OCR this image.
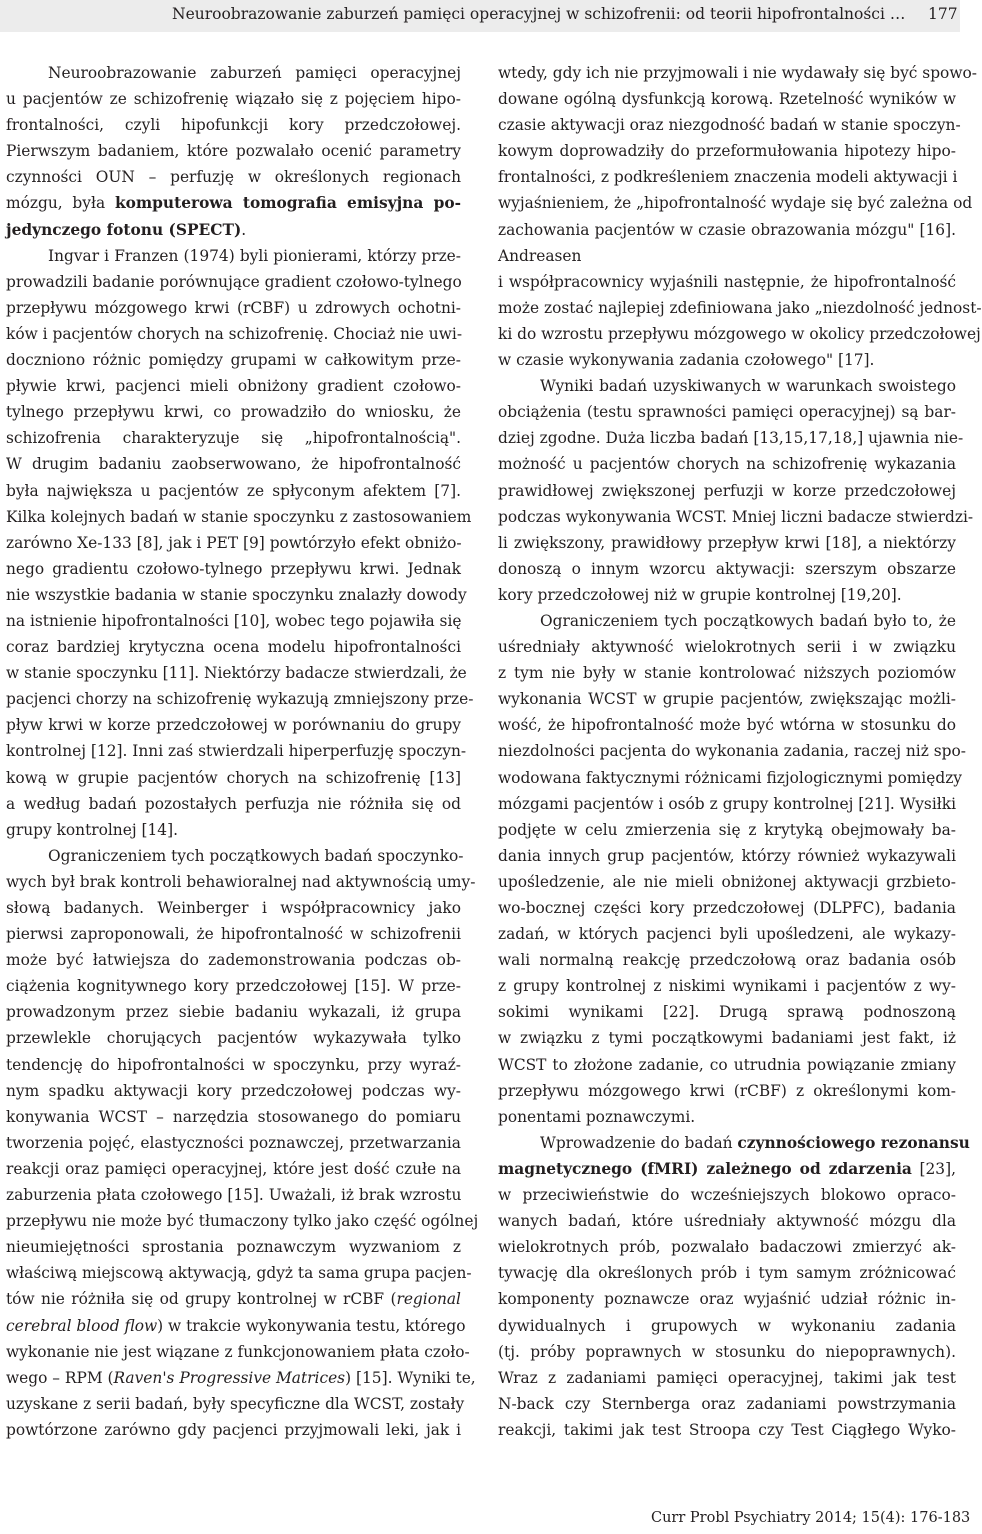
Neuroobrazowanie zaburzeń pamięci operacyjnej w schizofrenii: od teorii hipofrontalności … 177
Neuroobrazowanie zaburzeń pamięci operacyjnej
u pacjentów ze schizofrenię wiązało się z pojęciem hipo-
frontalności, czyli hipofunkcji kory przedczołowej.
Pierwszym badaniem, które pozwalało ocenić parametry
czynności OUN – perfuzję w określonych regionach
mózgu, była komputerowa tomografia emisyjna po-
jedynczego fotonu (SPECT).
Ingvar i Franzen (1974) byli pionierami, którzy prze-
prowadzili badanie porównujące gradient czołowo-tylnego
przepływu mózgowego krwi (rCBF) u zdrowych ochotni-
ków i pacjentów chorych na schizofrenię. Chociaż nie uwi-
doczniono różnic pomiędzy grupami w całkowitym prze-
pływie krwi, pacjenci mieli obniżony gradient czołowo-
tylnego przepływu krwi, co prowadziło do wniosku, że
schizofrenia charakteryzuje się „hipofrontalnością".
W drugim badaniu zaobserwowano, że hipofrontalność
była największa u pacjentów ze spłyconym afektem [7].
Kilka kolejnych badań w stanie spoczynku z zastosowaniem
zarówno Xe-133 [8], jak i PET [9] powtórzyło efekt obniżo-
nego gradientu czołowo-tylnego przepływu krwi. Jednak
nie wszystkie badania w stanie spoczynku znalazły dowody
na istnienie hipofrontalności [10], wobec tego pojawiła się
coraz bardziej krytyczna ocena modelu hipofrontalności
w stanie spoczynku [11]. Niektórzy badacze stwierdzali, że
pacjenci chorzy na schizofrenię wykazują zmniejszony prze-
pływ krwi w korze przedczołowej w porównaniu do grupy
kontrolnej [12]. Inni zaś stwierdzali hiperperfuzję spoczyn-
kową w grupie pacjentów chorych na schizofrenię [13]
a według badań pozostałych perfuzja nie różniła się od
grupy kontrolnej [14].
Ograniczeniem tych początkowych badań spoczynko-
wych był brak kontroli behawioralnej nad aktywnością umy-
słową badanych. Weinberger i współpracownicy jako
pierwsi zaproponowali, że hipofrontalność w schizofrenii
może być łatwiejsza do zademonstrowania podczas ob-
ciążenia kognitywnego kory przedczołowej [15]. W prze-
prowadzonym przez siebie badaniu wykazali, iż grupa
przewlekle chorujących pacjentów wykazywała tylko
tendencję do hipofrontalności w spoczynku, przy wyraź-
nym spadku aktywacji kory przedczołowej podczas wy-
konywania WCST – narzędzia stosowanego do pomiaru
tworzenia pojęć, elastyczności poznawczej, przetwarzania
reakcji oraz pamięci operacyjnej, które jest dość czułe na
zaburzenia płata czołowego [15]. Uważali, iż brak wzrostu
przepływu nie może być tłumaczony tylko jako część ogólnej
nieumiejętności sprostania poznawczym wyzwaniom z
właściwą miejscową aktywacją, gdyż ta sama grupa pacjen-
tów nie różniła się od grupy kontrolnej w rCBF (regional
cerebral blood flow) w trakcie wykonywania testu, którego
wykonanie nie jest wiązane z funkcjonowaniem płata czoło-
wego – RPM (Raven's Progressive Matrices) [15]. Wyniki te,
uzyskane z serii badań, były specyficzne dla WCST, zostały
powtórzone zarówno gdy pacjenci przyjmowali leki, jak i
wtedy, gdy ich nie przyjmowali i nie wydawały się być spowo-
dowane ogólną dysfunkcją korową. Rzetelność wyników w
czasie aktywacji oraz niezgodność badań w stanie spoczyn-
kowym doprowadziły do przeformułowania hipotezy hipo-
frontalności, z podkreśleniem znaczenia modeli aktywacji i
wyjaśnieniem, że „hipofrontalność wydaje się być zależna od
zachowania pacjentów w czasie obrazowania mózgu" [16].
Andreasen
i współpracownicy wyjaśnili następnie, że hipofrontalność
może zostać najlepiej zdefiniowana jako „niezdolność jednost-
ki do wzrostu przepływu mózgowego w okolicy przedczołowej
w czasie wykonywania zadania czołowego" [17].
Wyniki badań uzyskiwanych w warunkach swoistego
obciążenia (testu sprawności pamięci operacyjnej) są bar-
dziej zgodne. Duża liczba badań [13,15,17,18,] ujawnia nie-
możność u pacjentów chorych na schizofrenię wykazania
prawidłowej zwiększonej perfuzji w korze przedczołowej
podczas wykonywania WCST. Mniej liczni badacze stwierdzi-
li zwiększony, prawidłowy przepływ krwi [18], a niektórzy
donoszą o innym wzorcu aktywacji: szerszym obszarze
kory przedczołowej niż w grupie kontrolnej [19,20].
Ograniczeniem tych początkowych badań było to, że
uśredniały aktywność wielokrotnych serii i w związku
z tym nie były w stanie kontrolować niższych poziomów
wykonania WCST w grupie pacjentów, zwiększając możli-
wość, że hipofrontalność może być wtórna w stosunku do
niezdolności pacjenta do wykonania zadania, raczej niż spo-
wodowana faktycznymi różnicami fizjologicznymi pomiędzy
mózgami pacjentów i osób z grupy kontrolnej [21]. Wysiłki
podjęte w celu zmierzenia się z krytyką obejmowały ba-
dania innych grup pacjentów, którzy również wykazywali
upośledzenie, ale nie mieli obniżonej aktywacji grzbieto-
wo-bocznej części kory przedczołowej (DLPFC), badania
zadań, w których pacjenci byli upośledzeni, ale wykazy-
wali normalną reakcję przedczołową oraz badania osób
z grupy kontrolnej z niskimi wynikami i pacjentów z wy-
sokimi wynikami [22]. Drugą sprawą podnoszoną
w związku z tymi początkowymi badaniami jest fakt, iż
WCST to złożone zadanie, co utrudnia powiązanie zmiany
przepływu mózgowego krwi (rCBF) z określonymi kom-
ponentami poznawczymi.
Wprowadzenie do badań czynnościowego rezonansu
magnetycznego (fMRI) zależnego od zdarzenia [23],
w przeciwieństwie do wcześniejszych blokowo opraco-
wanych badań, które uśredniały aktywność mózgu dla
wielokrotnych prób, pozwalało badaczowi zmierzyć ak-
tywację dla określonych prób i tym samym zróżnicować
komponenty poznawcze oraz wyjaśnić udział różnic in-
dywidualnych i grupowych w wykonaniu zadania
(tj. próby poprawnych w stosunku do niepoprawnych).
Wraz z zadaniami pamięci operacyjnej, takimi jak test
N-back czy Sternberga oraz zadaniami powstrzymania
reakcji, takimi jak test Stroopa czy Test Ciągłego Wyko-
Curr Probl Psychiatry 2014; 15(4): 176-183
